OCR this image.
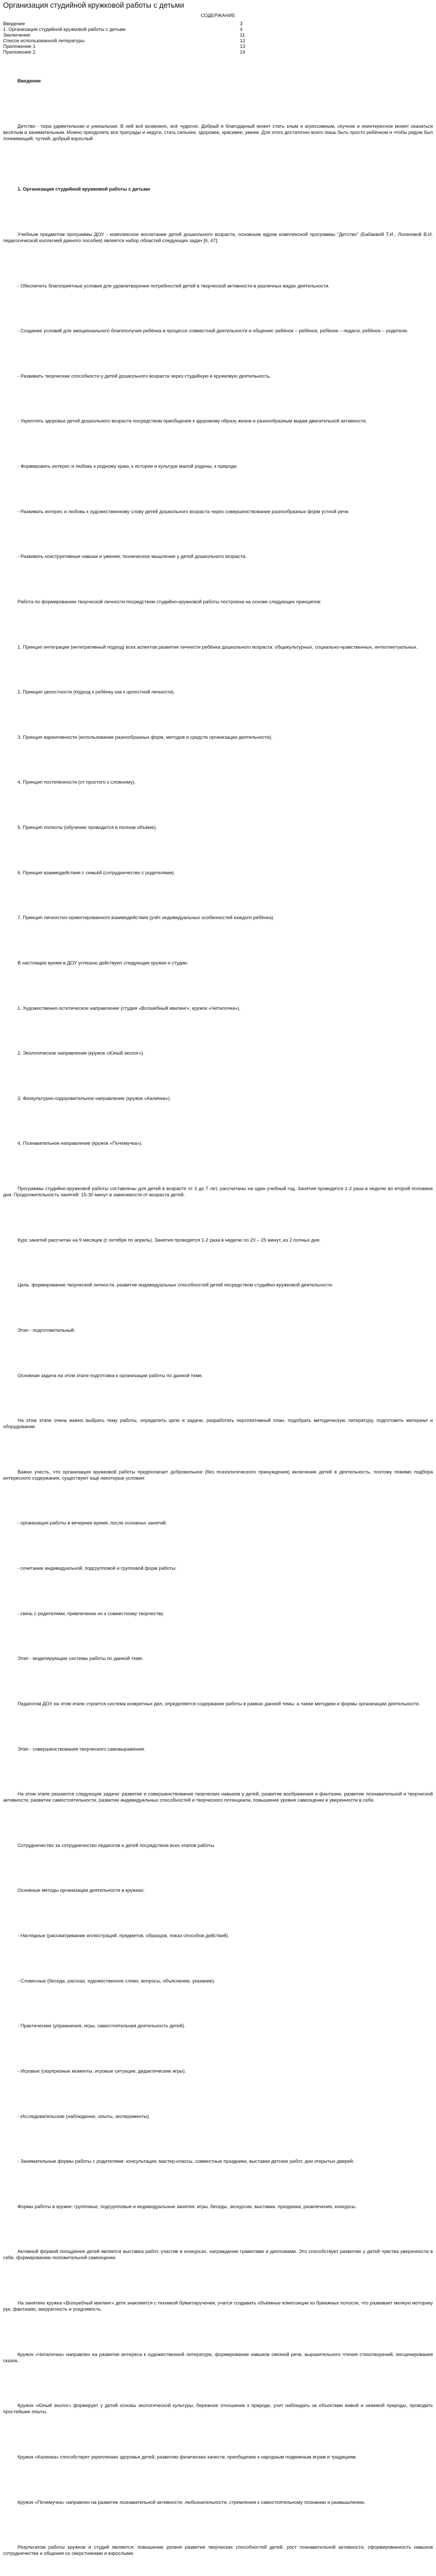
Организация студийной кружковой работы с детьми
СОДЕРЖАНИЕ
Введение	3
1. Организация студийной кружковой работы с детьми	4
Заключение	11
Список использованной литературы	12
Приложение 1	13
Приложение 2	14

Введение

Детство - пора удивительная и уникальная. В ней всё возможно, всё чудесно. Добрый и благодарный может стать злым и агрессивным, скучное и неинтересное может оказаться весёлым и занимательным. Можно преодолеть все преграды и недуги, стать сильнее, здоровее, красивее, умнее. Для этого достаточно всего лишь быть просто ребёнком и чтобы рядом был понимающий, чуткий, добрый взрослый.

1. Организация студийной кружковой работы с детьми

Учебным предметом программы ДОУ - комплексное воспитание детей дошкольного возраста, основным ядром комплексной программы "Детство" (Бабаевой Т.И., Логиновой В.И. педагогической коллегией данного пособия) является набор областей следующих задач [6, 47]:

- Обеспечить благоприятные условия для удовлетворения потребностей детей в творческой активности в различных видах деятельности.

- Создание условий для эмоционального благополучия ребёнка в процессе совместной деятельности и общения: ребёнок – ребёнок, ребёнок – педагог, ребёнок – родители.

- Развивать творческие способности у детей дошкольного возраста через студийную и кружковую деятельность.

- Укреплять здоровье детей дошкольного возраста посредством приобщения к здоровому образу жизни и разнообразным видам двигательной активности.

- Формировать интерес и любовь к родному краю, к истории и культуре малой родины, к природе.

- Развивать интерес и любовь к художественному слову детей дошкольного возраста через совершенствование разнообразных форм устной речи.

- Развивать конструктивные навыки и умения, техническое мышление у детей дошкольного возраста.

Работа по формированию творческой личности посредством студийно-кружковой работы построена на основе следующих принципов:

1. Принцип интеграции (интегративный подход) всех аспектов развития личности ребёнка дошкольного возраста: общекультурных, социально-нравственных, интеллектуальных.

2. Принцип целостности (подход к ребёнку как к целостной личности).

3. Принцип вариативности (использование разнообразных форм, методов и средств организации деятельности).

4. Принцип постепенности (от простого к сложному).

5. Принцип полноты (обучение проводится в полном объёме).

6. Принцип взаимодействия с семьёй (сотрудничество с родителями).

7. Принцип личностно-ориентированного взаимодействия (учёт индивидуальных особенностей каждого ребёнка).

В настоящее время в ДОУ успешно действуют следующие кружки и студии:

1. Художественно-эстетическое направление (студия «Волшебный квилинг»; кружок «Читалочка»).

2. Экологическое направление (кружок «Юный эколог»).

3. Физкультурно-оздоровительное направление (кружок «Калинка»).

4. Познавательное направление (кружок «Почемучка»).

Программы студийно-кружковой работы составлены для детей в возрасте от 3 до 7 лет, рассчитаны на один учебный год. Занятия проводятся 1-2 раза в неделю во второй половине дня. Продолжительность занятий: 15-30 минут в зависимости от возраста детей.

Курс занятий рассчитан на 9 месяцев (с октября по апрель). Занятия проводятся 1-2 раза в неделю по 20 – 25 минут, из 2 полных дня.

Цель: формирование творческой личности, развитие индивидуальных способностей детей посредством студийно-кружковой деятельности.

Этап - подготовительный.

Основная задача на этом этапе подготовка к организации работы по данной теме.

На этом этапе очень важно выбрать тему работы, определить цели и задачи, разработать перспективный план, подобрать методическую литературу, подготовить материал и оборудование.

Важно учесть, что организация кружковой работы предполагает добровольное (без психологического принуждения) включение детей в деятельность, поэтому помимо подбора интересного содержания, существуют ещё некоторые условия:

- организация работы в вечернее время, после основных занятий;

- сочетание индивидуальной, подгрупповой и групповой форм работы;

- связь с родителями, привлечение их к совместному творчеству.

Этап - моделирующие системы работы по данной теме.

Педагогом ДОУ на этом этапе строится система конкретных дел, определяется содержание работы в рамках данной темы, а также методики и формы организации деятельности.

Этап - совершенствования творческого самовыражения.

На этом этапе решаются следующие задачи: развитие и совершенствование творческих навыков у детей, развитие воображения и фантазии, развитие познавательной и творческой активности, развитие самостоятельности, развитие индивидуальных способностей и творческого потенциала, повышение уровня самооценки и уверенности в себе.

Сотрудничество за сотрудничество педагогов и детей посредством всех этапов работы.

Основные методы организации деятельности в кружках:

- Наглядные (рассматривание иллюстраций, предметов, образцов, показ способов действий).

- Словесные (беседа, рассказ, художественное слово, вопросы, объяснение, указание).

- Практические (упражнения, игры, самостоятельная деятельность детей).

- Игровые (сюрпризные моменты, игровые ситуации, дидактические игры).

- Исследовательские (наблюдение, опыты, эксперименты).

- Занимательные формы работы с родителями: консультации, мастер-классы, совместные праздники, выставки детских работ, дни открытых дверей.

Формы работы в кружке: групповые, подгрупповые и индивидуальные занятия, игры, беседы, экскурсии, выставки, праздники, развлечения, конкурсы.

Активной формой поощрения детей является выставка работ, участие в конкурсах, награждение грамотами и дипломами. Это способствует развитию у детей чувства уверенности в себе, формированию положительной самооценки.

На занятиях кружка «Волшебный квилинг» дети знакомятся с техникой бумагокручения, учатся создавать объёмные композиции из бумажных полосок, что развивает мелкую моторику рук, фантазию, аккуратность и усидчивость.

Кружок «Читалочка» направлен на развитие интереса к художественной литературе, формирование навыков связной речи, выразительного чтения стихотворений, инсценирования сказок.

Кружок «Юный эколог» формирует у детей основы экологической культуры, бережное отношение к природе, учит наблюдать за объектами живой и неживой природы, проводить простейшие опыты.

Кружок «Калинка» способствует укреплению здоровья детей, развитию физических качеств, приобщению к народным подвижным играм и традициям.

Кружок «Почемучка» направлен на развитие познавательной активности, любознательности, стремления к самостоятельному познанию и размышлению.

Результатом работы кружков и студий являются: повышение уровня развития творческих способностей детей, рост познавательной активности, сформированность навыков сотрудничества и общения со сверстниками и взрослыми.
